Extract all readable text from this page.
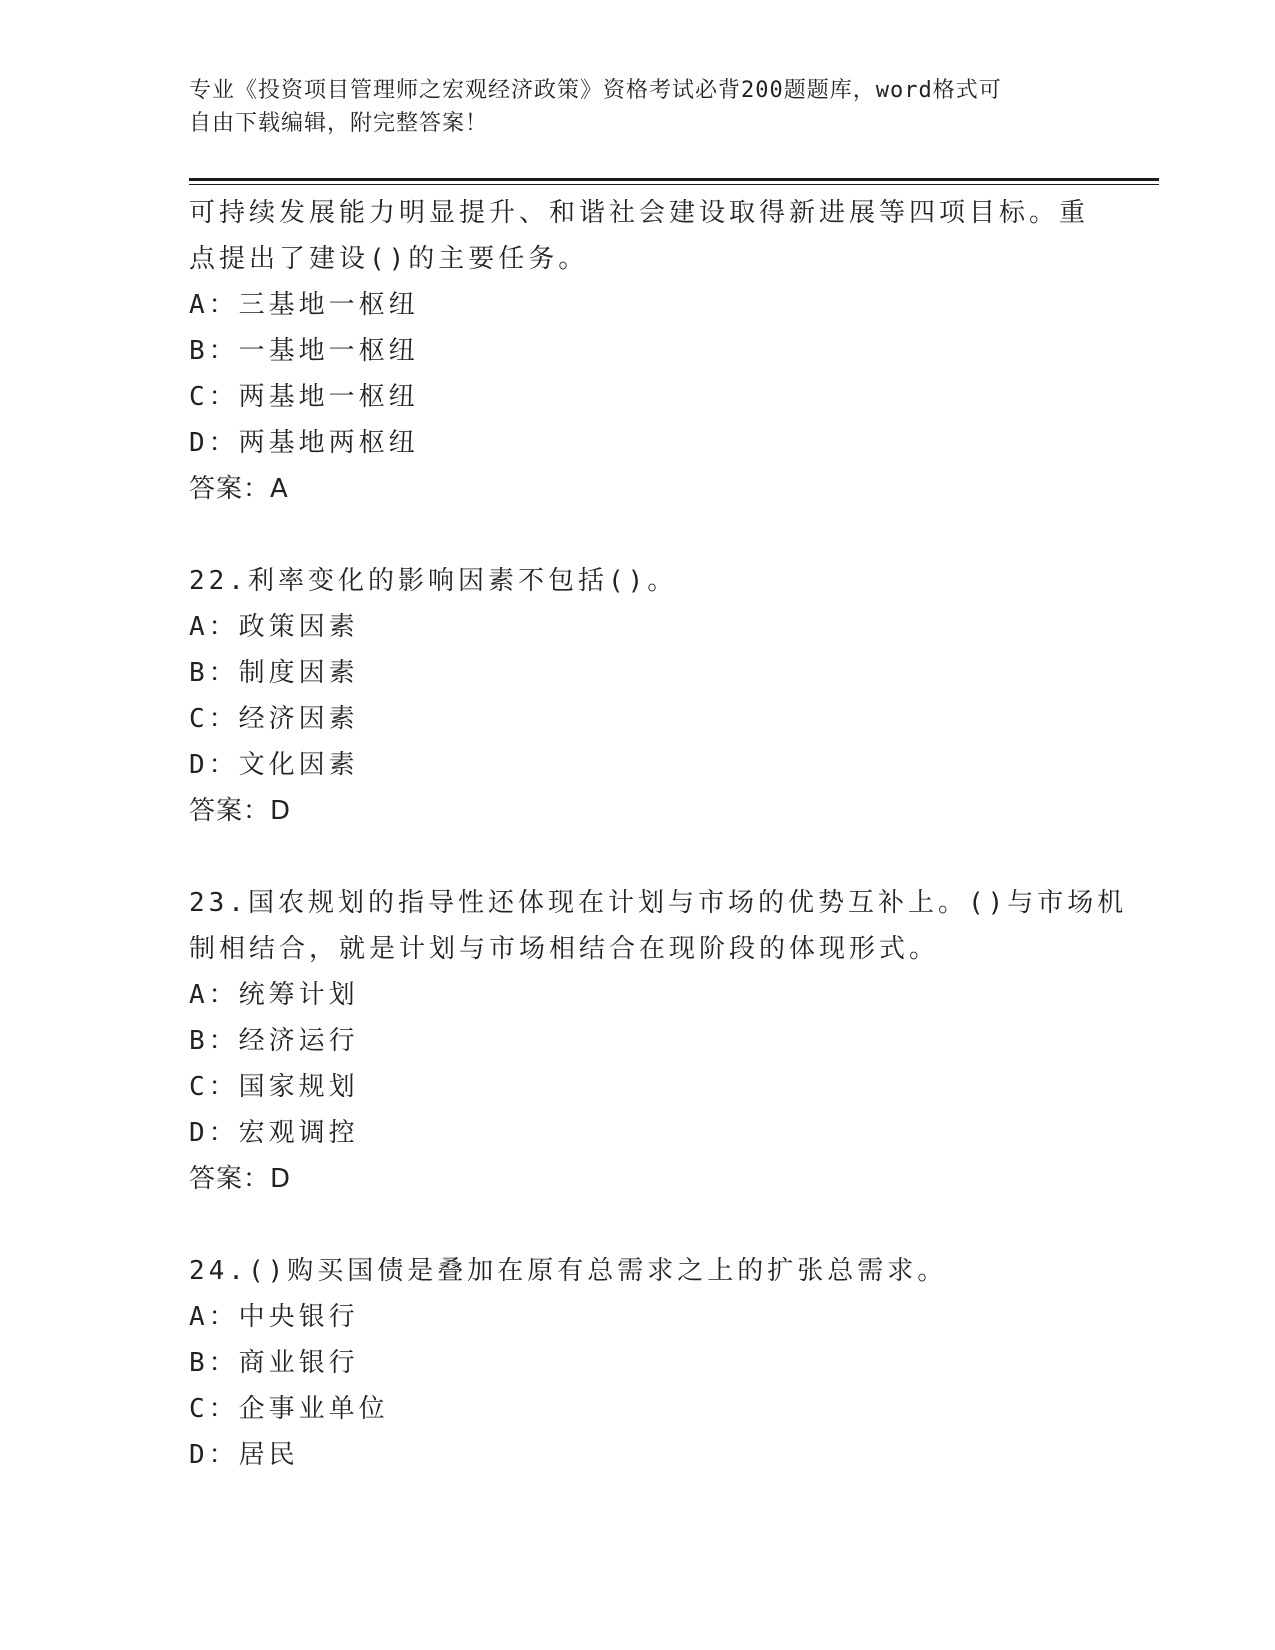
专业《投资项目管理师之宏观经济政策》资格考试必背200题题库，word格式可
自由下载编辑，附完整答案！
可持续发展能力明显提升、和谐社会建设取得新进展等四项目标。重
点提出了建设()的主要任务。
A：三基地一枢纽
B：一基地一枢纽
C：两基地一枢纽
D：两基地两枢纽
答案：A
22.利率变化的影响因素不包括()。
A：政策因素
B：制度因素
C：经济因素
D：文化因素
答案：D
23.国农规划的指导性还体现在计划与市场的优势互补上。()与市场机
制相结合，就是计划与市场相结合在现阶段的体现形式。
A：统筹计划
B：经济运行
C：国家规划
D：宏观调控
答案：D
24.()购买国债是叠加在原有总需求之上的扩张总需求。
A：中央银行
B：商业银行
C：企事业单位
D：居民
